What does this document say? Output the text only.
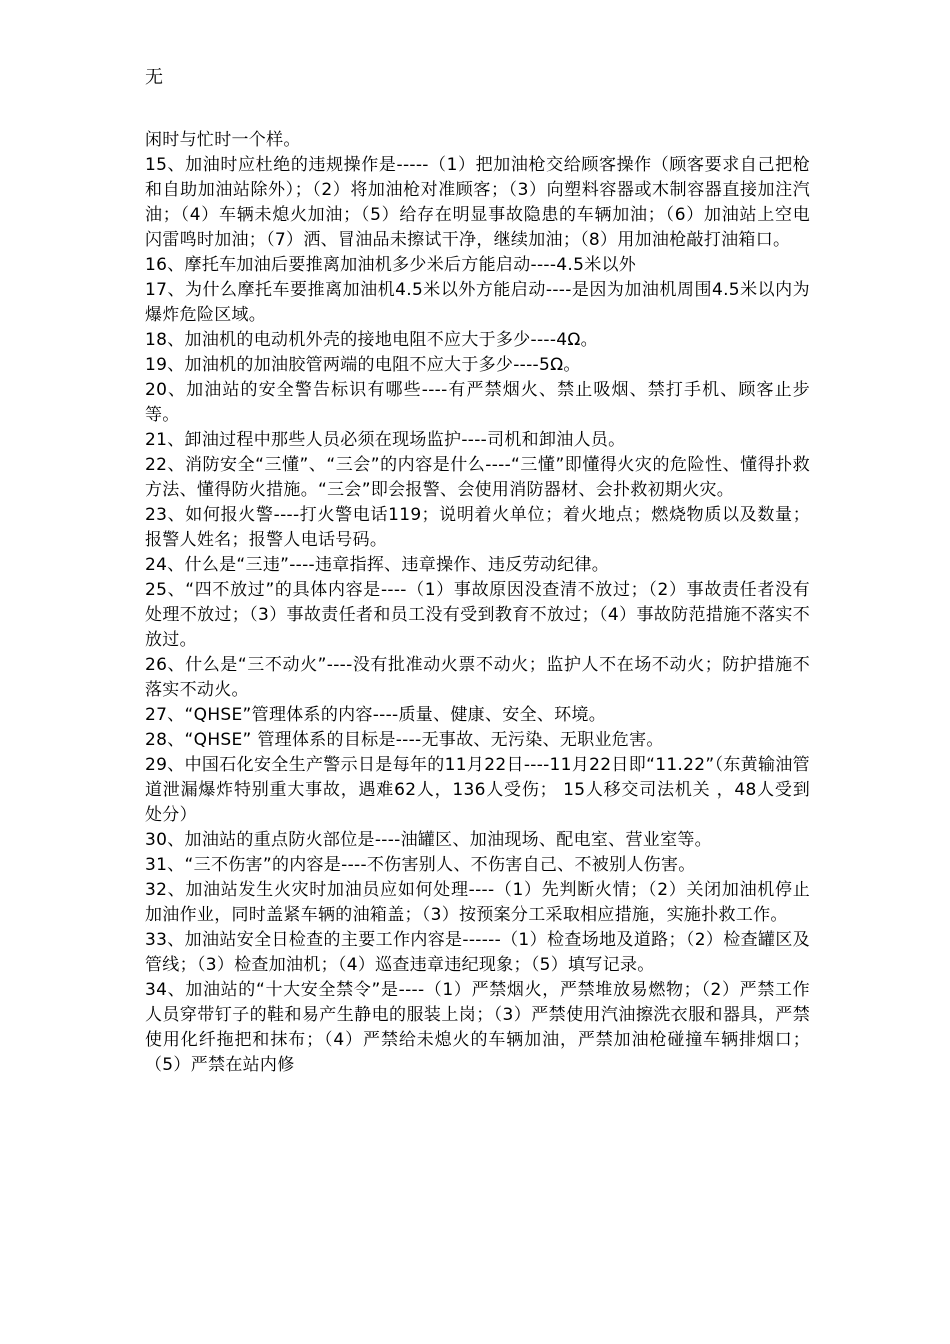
无

闲时与忙时一个样。

15、加油时应杜绝的违规操作是-----（1）把加油枪交给顾客操作（顾客要求自己把枪和自助加油站除外）；（2）将加油枪对准顾客；（3）向塑料容器或木制容器直接加注汽油；（4）车辆未熄火加油；（5）给存在明显事故隐患的车辆加油；（6）加油站上空电闪雷鸣时加油；（7）洒、冒油品未擦试干净，继续加油；（8）用加油枪敲打油箱口。

16、摩托车加油后要推离加油机多少米后方能启动----4.5米以外

17、为什么摩托车要推离加油机4.5米以外方能启动----是因为加油机周围4.5米以内为爆炸危险区域。

18、加油机的电动机外壳的接地电阻不应大于多少----4Ω。

19、加油机的加油胶管两端的电阻不应大于多少----5Ω。

20、加油站的安全警告标识有哪些----有严禁烟火、禁止吸烟、禁打手机、顾客止步等。

21、卸油过程中那些人员必须在现场监护----司机和卸油人员。

22、消防安全“三懂”、“三会”的内容是什么----“三懂”即懂得火灾的危险性、懂得扑救方法、懂得防火措施。“三会”即会报警、会使用消防器材、会扑救初期火灾。

23、如何报火警----打火警电话119；说明着火单位；着火地点；燃烧物质以及数量；报警人姓名；报警人电话号码。

24、什么是“三违”----违章指挥、违章操作、违反劳动纪律。

25、“四不放过”的具体内容是----（1）事故原因没查清不放过；（2）事故责任者没有处理不放过；（3）事故责任者和员工没有受到教育不放过；（4）事故防范措施不落实不放过。

26、什么是“三不动火”----没有批准动火票不动火；监护人不在场不动火；防护措施不落实不动火。

27、“QHSE”管理体系的内容----质量、健康、安全、环境。

28、“QHSE” 管理体系的目标是----无事故、无污染、无职业危害。

29、中国石化安全生产警示日是每年的11月22日----11月22日即“11.22”（东黄输油管道泄漏爆炸特别重大事故，遇难62人，136人受伤； 15人移交司法机关 ，48人受到处分）

30、加油站的重点防火部位是----油罐区、加油现场、配电室、营业室等。

31、“三不伤害”的内容是----不伤害别人、不伤害自己、不被别人伤害。

32、加油站发生火灾时加油员应如何处理----（1）先判断火情；（2）关闭加油机停止加油作业，同时盖紧车辆的油箱盖；（3）按预案分工采取相应措施，实施扑救工作。

33、加油站安全日检查的主要工作内容是------（1）检查场地及道路；（2）检查罐区及管线；（3）检查加油机；（4）巡查违章违纪现象；（5）填写记录。

34、加油站的“十大安全禁令”是----（1）严禁烟火，严禁堆放易燃物；（2）严禁工作人员穿带钉子的鞋和易产生静电的服装上岗；（3）严禁使用汽油擦洗衣服和器具，严禁使用化纤拖把和抹布；（4）严禁给未熄火的车辆加油，严禁加油枪碰撞车辆排烟口；（5）严禁在站内修
